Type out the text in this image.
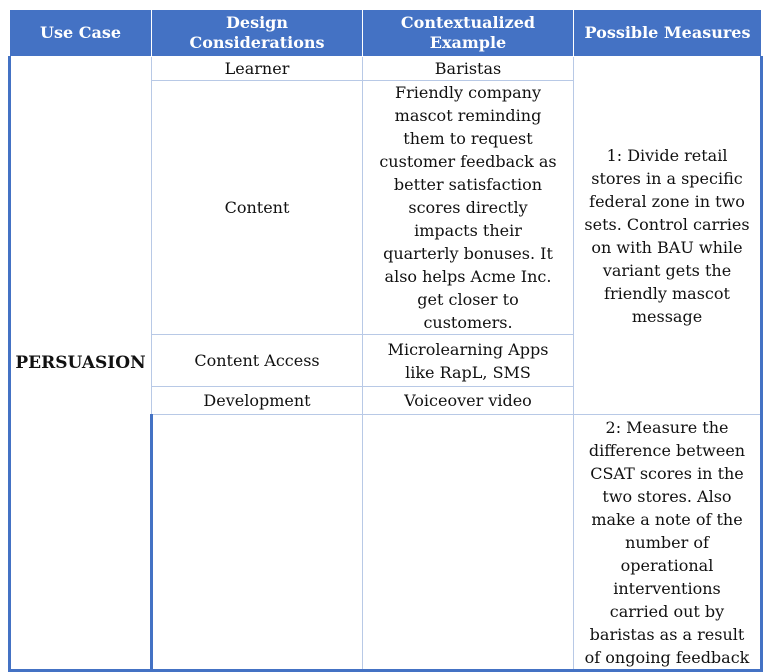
Use Case	Design Considerations	Contextualized Example	Possible Measures
PERSUASION	Learner	Baristas	1: Divide retail stores in a specific federal zone in two sets. Control carries on with BAU while variant gets the friendly mascot message
	Content	Friendly company mascot reminding them to request customer feedback as better satisfaction scores directly impacts their quarterly bonuses. It also helps Acme Inc. get closer to customers.	
	Content Access	Microlearning Apps like RapL, SMS	
	Development	Voiceover video	
			2: Measure the difference between CSAT scores in the two stores. Also make a note of the number of operational interventions carried out by baristas as a result of ongoing feedback
